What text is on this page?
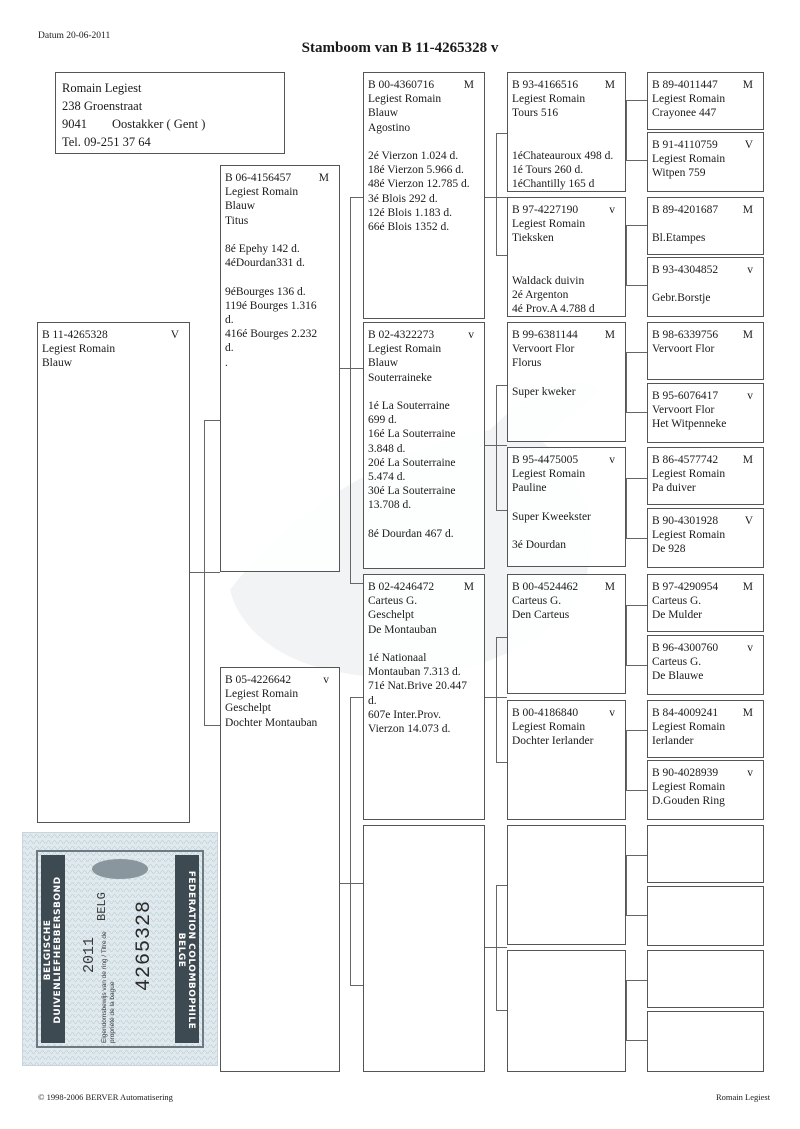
Datum 20-06-2011
Stamboom van B 11-4265328 v
Romain Legiest
238 Groenstraat
9041        Oostakker ( Gent )
Tel. 09-251 37 64
B 11-4265328	V
Legiest Romain
Blauw
B 06-4156457 M
Legiest Romain
Blauw
Titus

8é Epehy 142 d.
4éDourdan331 d.

9éBourges 136 d.
119é Bourges 1.316
d.
416é Bourges 2.232
d.
.
B 05-4226642	v
Legiest Romain
Geschelpt
Dochter Montauban
B 00-4360716	M
Legiest Romain
Blauw
Agostino

2é Vierzon 1.024 d.
18é Vierzon 5.966 d.
48é Vierzon 12.785 d.
3é Blois 292 d.
12é Blois 1.183 d.
66é Blois 1352 d.
B 02-4322273	v
Legiest Romain
Blauw
Souterraineke

1é La Souterraine
699 d.
16é La Souterraine
3.848 d.
20é La Souterraine
5.474 d.
30é La Souterraine
13.708 d.

8é Dourdan 467 d.
B 02-4246472	M
Carteus G.
Geschelpt
De Montauban

1é Nationaal
Montauban 7.313 d.
71é Nat.Brive 20.447
d.
607e Inter.Prov.
Vierzon 14.073 d.
B 93-4166516 M
Legiest Romain
Tours 516

1éChateauroux 498 d.
1é Tours 260 d.
1éChantilly 165 d
B 97-4227190	v
Legiest Romain
Tieksken

Waldack duivin
2é Argenton
4é Prov.A 4.788 d
B 99-6381144 M
Vervoort Flor
Florus

Super kweker
B 95-4475005	v
Legiest Romain
Pauline

Super Kweekster

3é Dourdan
B 00-4524462 M
Carteus G.
Den Carteus
B 00-4186840	v
Legiest Romain
Dochter Ierlander
B 89-4011447 M
Legiest Romain
Crayonee 447
B 91-4110759 V
Legiest Romain
Witpen 759
B 89-4201687 M

Bl.Etampes
B 93-4304852	v

Gebr.Borstje
B 98-6339756 M
Vervoort Flor
B 95-6076417	v
Vervoort Flor
Het Witpenneke
B 86-4577742 M
Legiest Romain
Pa duiver
B 90-4301928 V
Legiest Romain
De 928
B 97-4290954 M
Carteus G.
De Mulder
B 96-4300760	v
Carteus G.
De Blauwe
B 84-4009241 M
Legiest Romain
Ierlander
B 90-4028939	v
Legiest Romain
D.Gouden Ring
BELGISCHE DUIVENLIEFHEBBERSBOND	FEDERATION COLOMBOPHILE BELGE
2011
BELG
Eigendomsbewijs van de ring / Titre de propriété de la bague
4265328
© 1998-2006 BERVER Automatisering	Romain Legiest
